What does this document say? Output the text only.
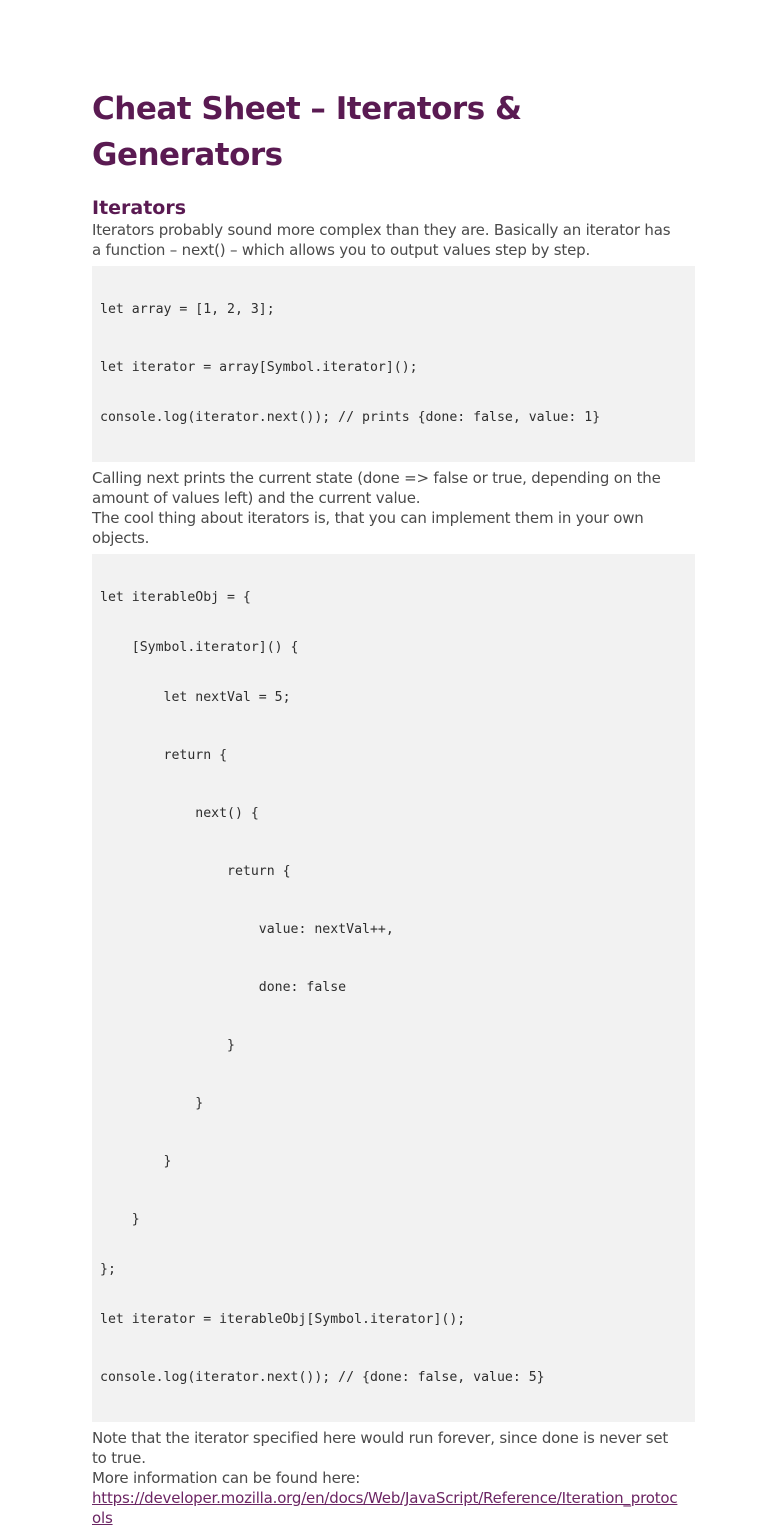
Cheat Sheet – Iterators & Generators
Iterators

Iterators probably sound more complex than they are. Basically an iterator has a function – next() – which allows you to output values step by step.

let array = [1, 2, 3];

let iterator = array[Symbol.iterator]();

console.log(iterator.next()); // prints {done: false, value: 1}

Calling next prints the current state (done => false or true, depending on the amount of values left) and the current value.

The cool thing about iterators is, that you can implement them in your own objects.

let iterableObj = {

[Symbol.iterator]() {

let nextVal = 5;

return {

next() {

return {

value: nextVal++,

done: false

}

}

}

}

};

let iterator = iterableObj[Symbol.iterator]();

console.log(iterator.next()); // {done: false, value: 5}

Note that the iterator specified here would run forever, since done is never set to true.

More information can be found here:

https://developer.mozilla.org/en/docs/Web/JavaScript/Reference/Iteration_protocols
